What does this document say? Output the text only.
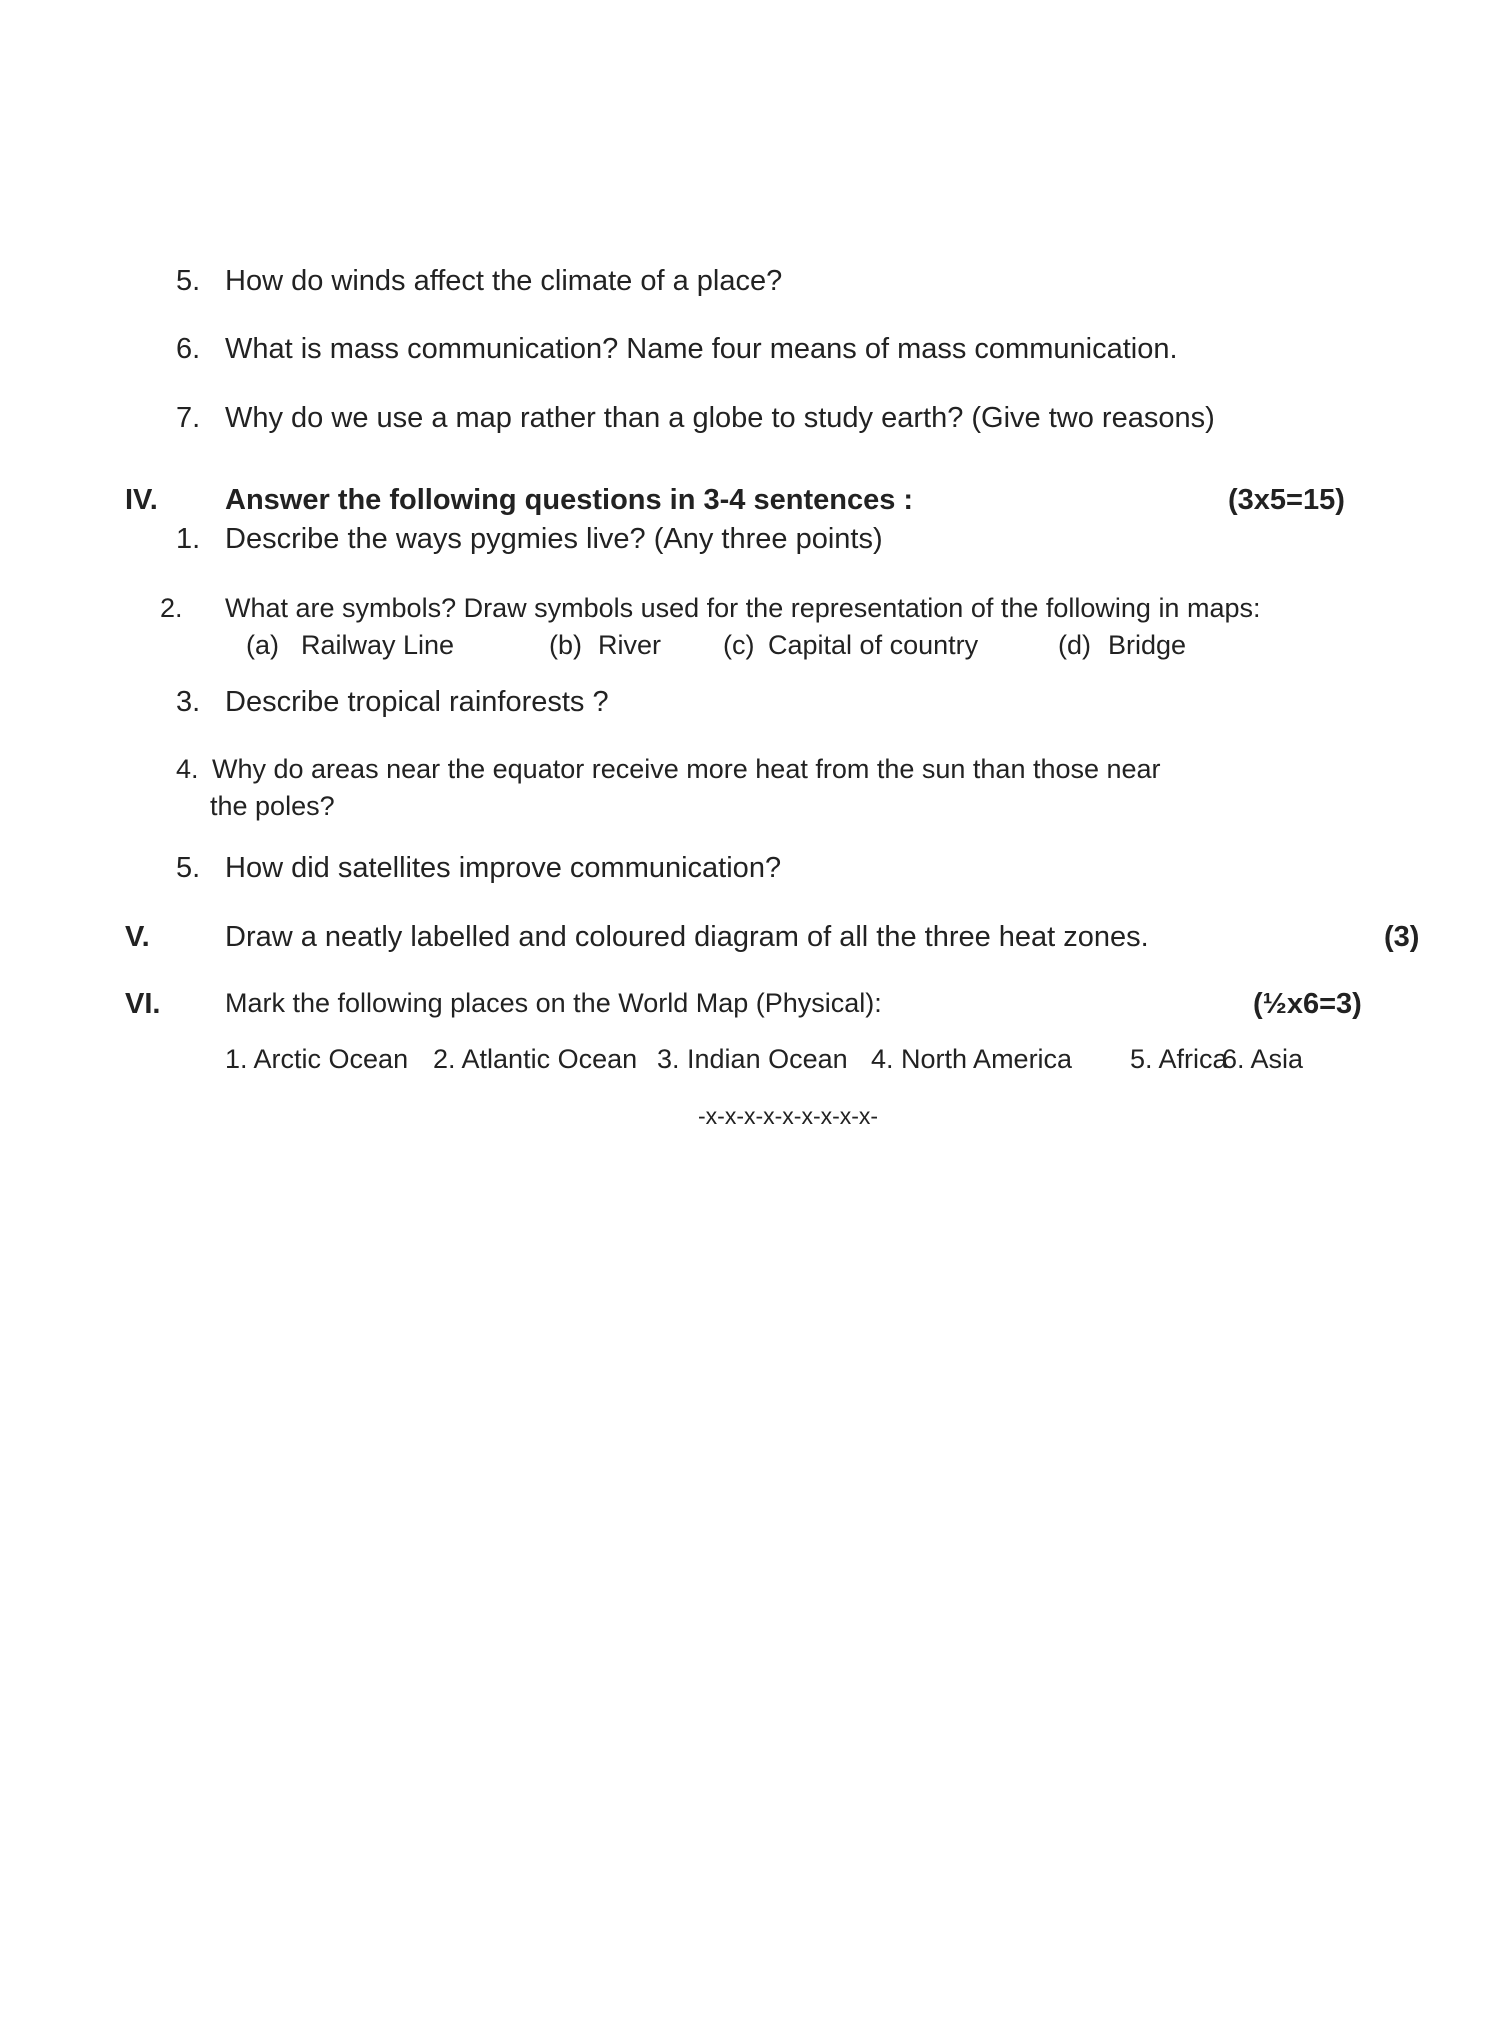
5. How do winds affect the climate of a place?
6. What is mass communication? Name four means of mass communication.
7. Why do we use a map rather than a globe to study earth? (Give two reasons)
IV. Answer the following questions in 3-4 sentences :	(3x5=15)
1. Describe the ways pygmies live? (Any three points)
2. What are symbols? Draw symbols used for the representation of the following in maps:
(a) Railway Line	(b) River (c) Capital of country	(d) Bridge
3. Describe tropical rainforests ?
4. Why do areas near the equator receive more heat from the sun than those near
the poles?
5. How did satellites improve communication?
V.	Draw a neatly labelled and coloured diagram of all the three heat zones.	(3)
VI. Mark the following places on the World Map (Physical):	(½x6=3)
1. Arctic Ocean 2. Atlantic Ocean 3. Indian Ocean 4. North America 5. Africa
6. Asia
-x-x-x-x-x-x-x-x-x-
